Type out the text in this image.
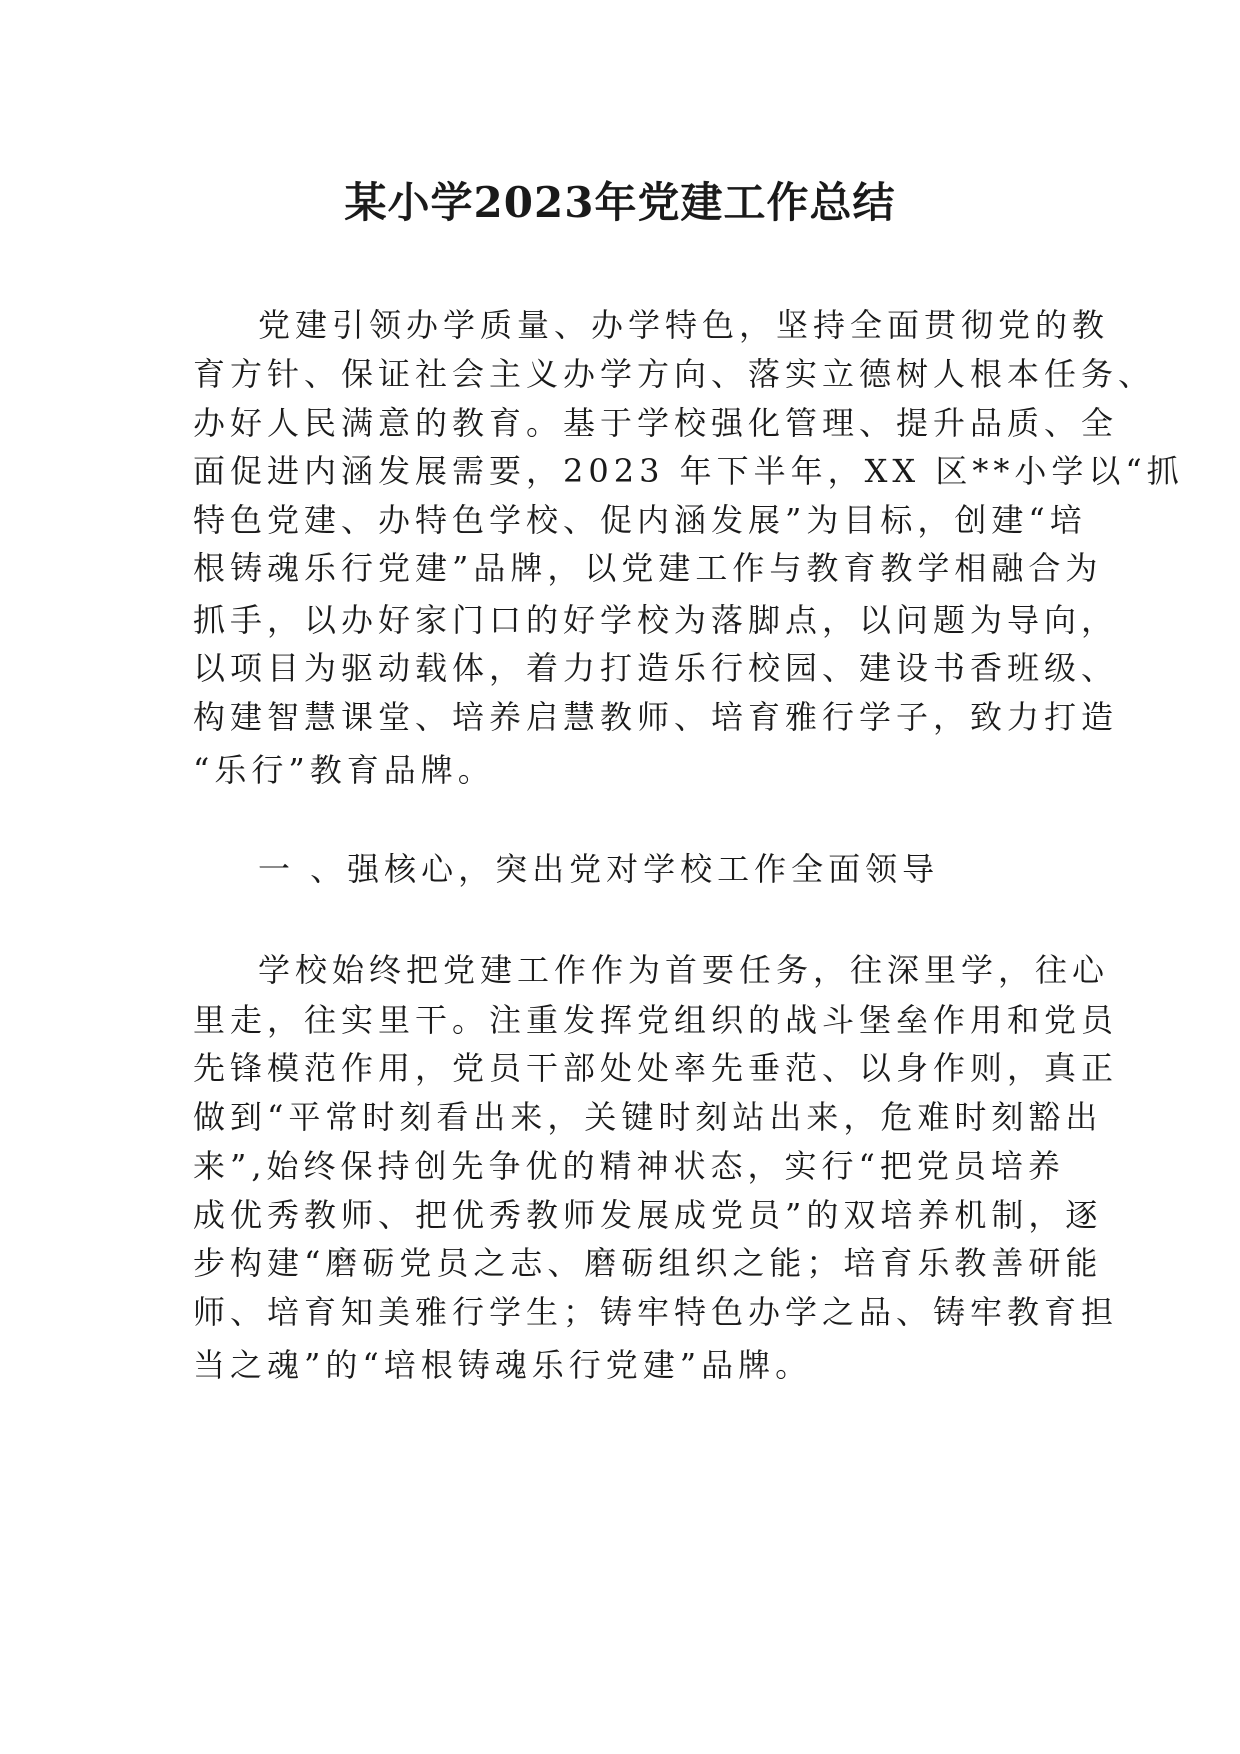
某小学2023年党建工作总结

党建引领办学质量、办学特色，坚持全面贯彻党的教

育方针、保证社会主义办学方向、落实立德树人根本任务、

办好人民满意的教育。基于学校强化管理、提升品质、全

面促进内涵发展需要，2023 年下半年，XX 区**小学以“抓

特色党建、办特色学校、促内涵发展”为目标，创建“培

根铸魂乐行党建”品牌，以党建工作与教育教学相融合为

抓手，以办好家门口的好学校为落脚点，以问题为导向，

以项目为驱动载体，着力打造乐行校园、建设书香班级、

构建智慧课堂、培养启慧教师、培育雅行学子，致力打造

“乐行”教育品牌。

一 、强核心，突出党对学校工作全面领导

学校始终把党建工作作为首要任务，往深里学，往心

里走，往实里干。注重发挥党组织的战斗堡垒作用和党员

先锋模范作用，党员干部处处率先垂范、以身作则，真正

做到“平常时刻看出来，关键时刻站出来，危难时刻豁出

来”,始终保持创先争优的精神状态，实行“把党员培养

成优秀教师、把优秀教师发展成党员”的双培养机制，逐

步构建“磨砺党员之志、磨砺组织之能；培育乐教善研能

师、培育知美雅行学生；铸牢特色办学之品、铸牢教育担

当之魂”的“培根铸魂乐行党建”品牌。
